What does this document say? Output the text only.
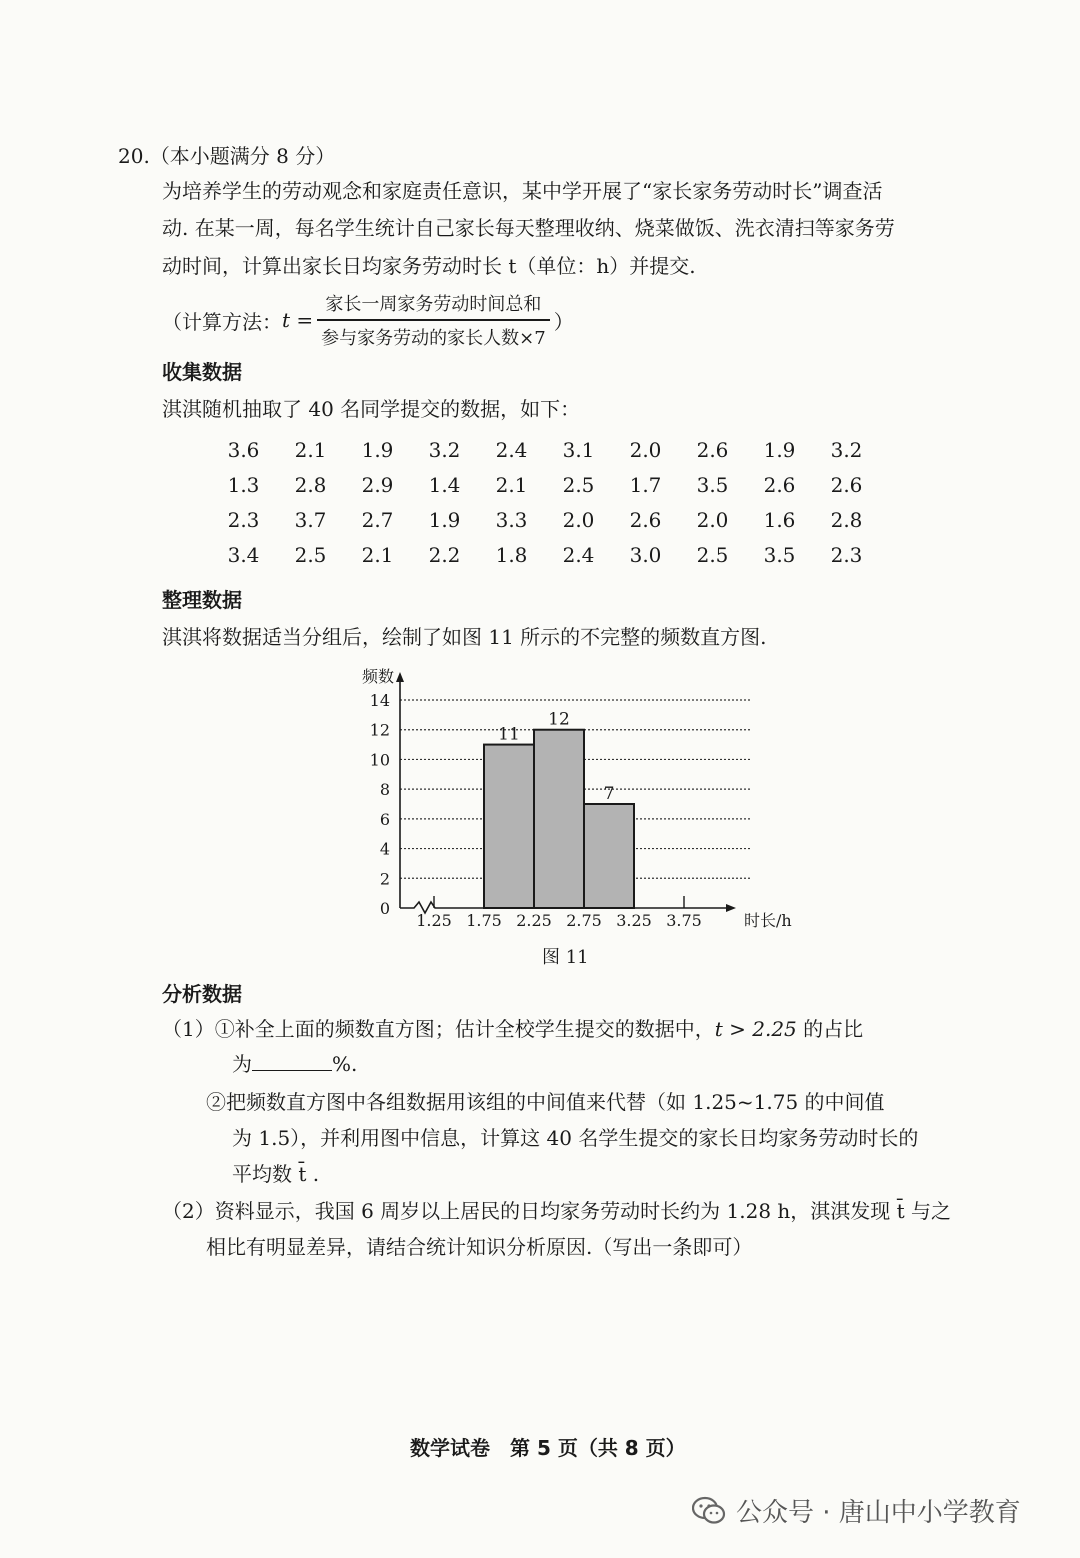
20.（本小题满分 8 分）
为培养学生的劳动观念和家庭责任意识，某中学开展了“家长家务劳动时长”调查活
动. 在某一周，每名学生统计自己家长每天整理收纳、烧菜做饭、洗衣清扫等家务劳
动时间，计算出家长日均家务劳动时长 t（单位：h）并提交.
（计算方法： $t = \frac{\text{家长一周家务劳动时间总和}}{\text{参与家务劳动的家长人数×7}}$ ）
收集数据
淇淇随机抽取了 40 名同学提交的数据，如下：
3.6	2.1	1.9	3.2	2.4	3.1	2.0	2.6	1.9	3.2
1.3	2.8	2.9	1.4	2.1	2.5	1.7	3.5	2.6	2.6
2.3	3.7	2.7	1.9	3.3	2.0	2.6	2.0	1.6	2.8
3.4	2.5	2.1	2.2	1.8	2.4	3.0	2.5	3.5	2.3
整理数据
淇淇将数据适当分组后，绘制了如图 11 所示的不完整的频数直方图.
0
2
4
6
8
10
12
14
11
12
7
1.25 1.75 2.25 2.75 3.25 3.75
频数
时长/h
图 11
分析数据
（1）①补全上面的频数直方图；估计全校学生提交的数据中，t > 2.25 的占比
为	%.
②把频数直方图中各组数据用该组的中间值来代替（如 1.25~1.75 的中间值
为 1.5），并利用图中信息，计算这 40 名学生提交的家长日均家务劳动时长的
平均数 t̄ .
（2）资料显示，我国 6 周岁以上居民的日均家务劳动时长约为 1.28 h，淇淇发现 t̄ 与之
相比有明显差异，请结合统计知识分析原因.（写出一条即可）
数学试卷　第 5 页（共 8 页）
公众号 · 唐山中小学教育
